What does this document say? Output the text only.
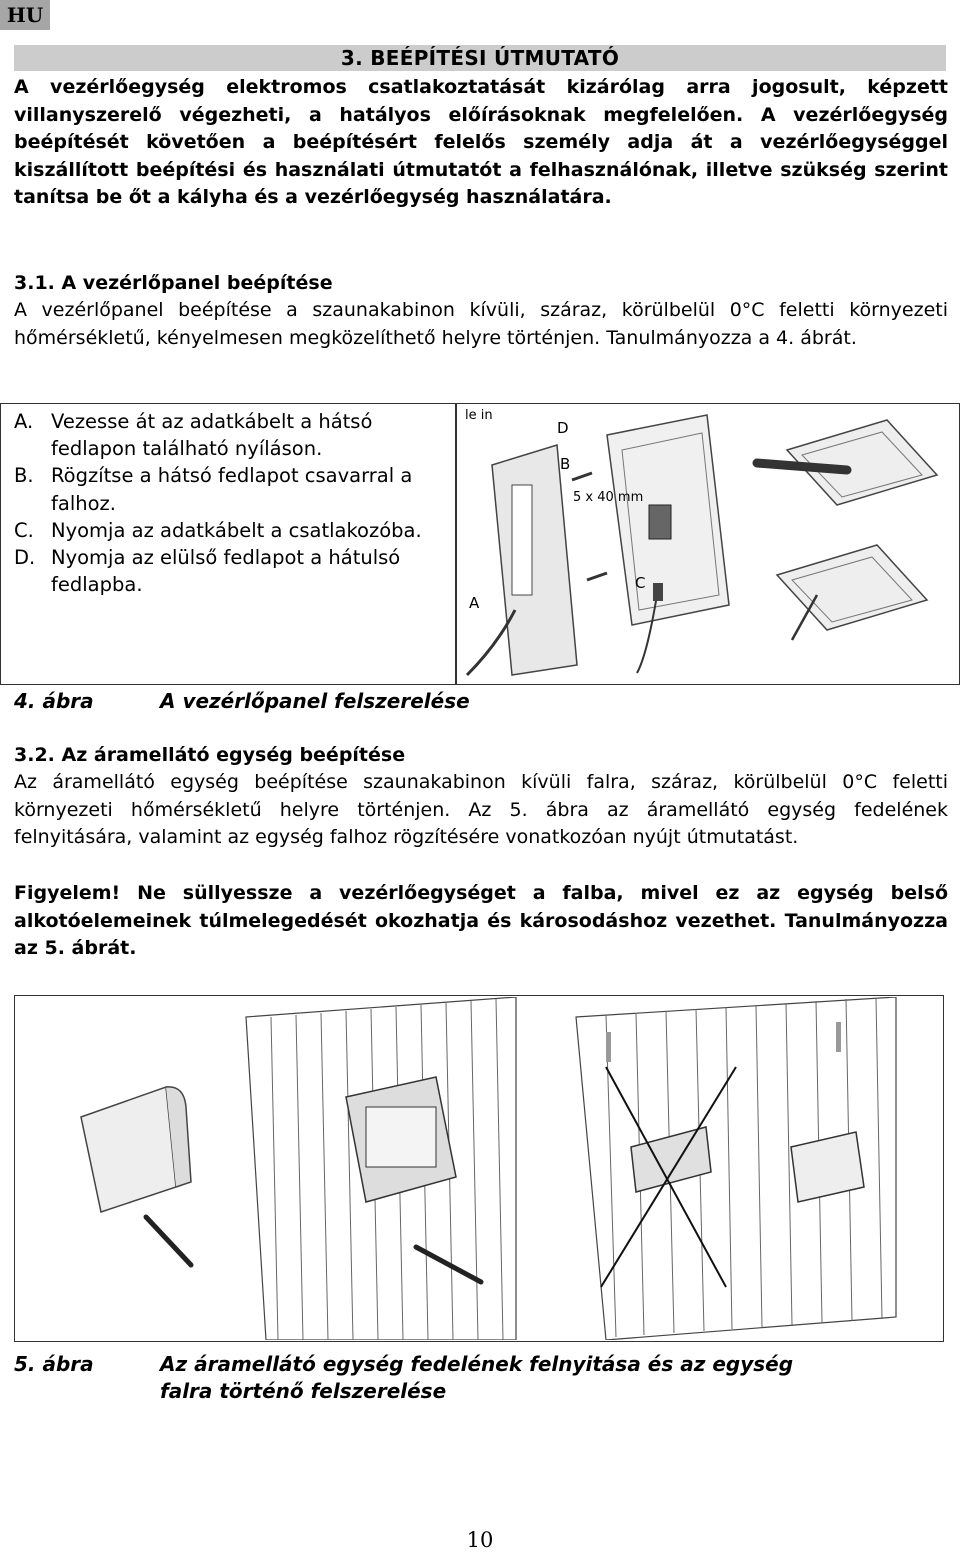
HU
3. BEÉPÍTÉSI ÚTMUTATÓ
A vezérlőegység elektromos csatlakoztatását kizárólag arra jogosult, képzett villanyszerelő végezheti, a hatályos előírásoknak megfelelően. A vezérlőegység beépítését követően a beépítésért felelős személy adja át a vezérlőegységgel kiszállított beépítési és használati útmutatót a felhasználónak, illetve szükség szerint tanítsa be őt a kályha és a vezérlőegység használatára.
3.1. A vezérlőpanel beépítése
A vezérlőpanel beépítése a szaunakabinon kívüli, száraz, körülbelül 0°C feletti környezeti hőmérsékletű, kényelmesen megközelíthető helyre történjen. Tanulmányozza a 4. ábrát.
A. Vezesse át az adatkábelt a hátsó fedlapon található nyíláson.
B. Rögzítse a hátsó fedlapot csavarral a falhoz.
C. Nyomja az adatkábelt a csatlakozóba.
D. Nyomja az elülső fedlapot a hátulsó fedlapba.
le in
D
B
5 x 40 mm
C
A
4. ábra	A vezérlőpanel felszerelése
3.2. Az áramellátó egység beépítése
Az áramellátó egység beépítése szaunakabinon kívüli falra, száraz, körülbelül 0°C feletti környezeti hőmérsékletű helyre történjen. Az 5. ábra az áramellátó egység fedelének felnyitására, valamint az egység falhoz rögzítésére vonatkozóan nyújt útmutatást.
Figyelem! Ne süllyessze a vezérlőegységet a falba, mivel ez az egység belső alkotóelemeinek túlmelegedését okozhatja és károsodáshoz vezethet. Tanulmányozza az 5. ábrát.
5. ábra	Az áramellátó egység fedelének felnyitása és az egység
falra történő felszerelése
10
